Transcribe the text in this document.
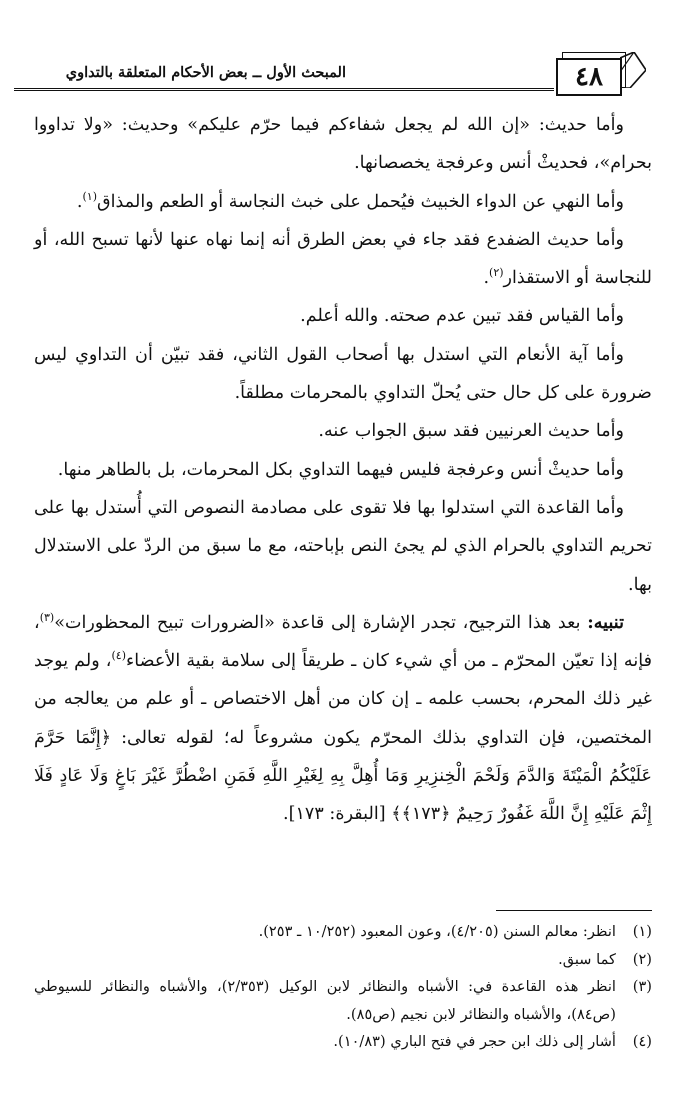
المبحث الأول ــ بعض الأحكام المتعلقة بالتداوي	٤٨

وأما حديث: «إن الله لم يجعل شفاءكم فيما حرّم عليكم» وحديث: «ولا تداووا بحرام»، فحديثْ أنس وعرفجة يخصصانها.

وأما النهي عن الدواء الخبيث فيُحمل على خبث النجاسة أو الطعم والمذاق$^{(١)}$.

وأما حديث الضفدع فقد جاء في بعض الطرق أنه إنما نهاه عنها لأنها تسبح الله، أو للنجاسة أو الاستقذار$^{(٢)}$.

وأما القياس فقد تبين عدم صحته. والله أعلم.

وأما آية الأنعام التي استدل بها أصحاب القول الثاني، فقد تبيّن أن التداوي ليس ضرورة على كل حال حتى يُحلّ التداوي بالمحرمات مطلقاً.

وأما حديث العرنيين فقد سبق الجواب عنه.

وأما حديثْ أنس وعرفجة فليس فيهما التداوي بكل المحرمات، بل بالطاهر منها.

وأما القاعدة التي استدلوا بها فلا تقوى على مصادمة النصوص التي أُستدل بها على تحريم التداوي بالحرام الذي لم يجئ النص بإباحته، مع ما سبق من الردّ على الاستدلال بها.

تنبيه: بعد هذا الترجيح، تجدر الإشارة إلى قاعدة «الضرورات تبيح المحظورات»$^{(٣)}$، فإنه إذا تعيّن المحرّم ـ من أي شيء كان ـ طريقاً إلى سلامة بقية الأعضاء$^{(٤)}$، ولم يوجد غير ذلك المحرم، بحسب علمه ـ إن كان من أهل الاختصاص ـ أو علم من يعالجه من المختصين، فإن التداوي بذلك المحرّم يكون مشروعاً له؛ لقوله تعالى: ﴿إِنَّمَا حَرَّمَ عَلَيْكُمُ الْمَيْتَةَ وَالدَّمَ وَلَحْمَ الْخِنزِيرِ وَمَا أُهِلَّ بِهِ لِغَيْرِ اللَّهِ فَمَنِ اضْطُرَّ غَيْرَ بَاغٍ وَلَا عَادٍ فَلَا إِثْمَ عَلَيْهِ إِنَّ اللَّهَ غَفُورٌ رَحِيمٌ ﴿١٧٣﴾﴾ [البقرة: ١٧٣].

(١)
انظر: معالم السنن (٤/٢٠٥)، وعون المعبود (١٠/٢٥٢ ـ ٢٥٣).
(٢)
كما سبق.
(٣)
انظر هذه القاعدة في: الأشباه والنظائر لابن الوكيل (٢/٣٥٣)، والأشباه والنظائر للسيوطي (ص٨٤)، والأشباه والنظائر لابن نجيم (ص٨٥).
(٤)
أشار إلى ذلك ابن حجر في فتح الباري (١٠/٨٣).
